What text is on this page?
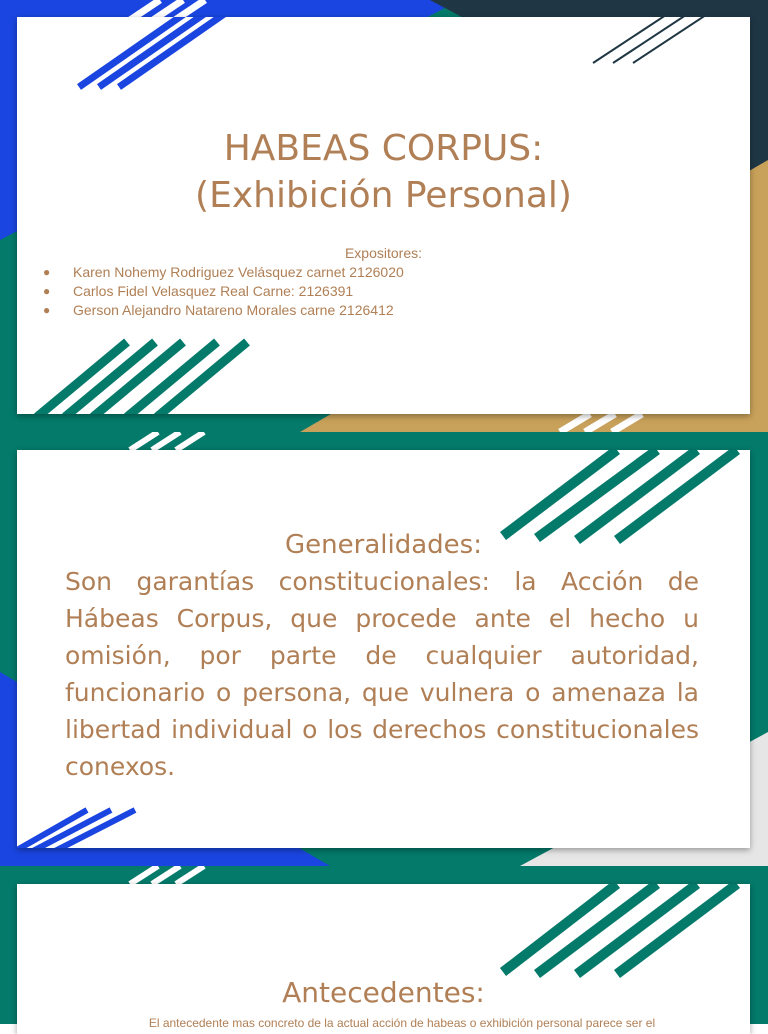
HABEAS CORPUS:
(Exhibición Personal)
Expositores:
● Karen Nohemy Rodriguez Velásquez carnet 2126020
● Carlos Fidel Velasquez Real Carne: 2126391
● Gerson Alejandro Natareno Morales carne 2126412
Generalidades:
Son garantías constitucionales: la Acción de Hábeas Corpus, que procede ante el hecho u omisión, por parte de cualquier autoridad, funcionario o persona, que vulnera o amenaza la libertad individual o los derechos constitucionales conexos.
Antecedentes:
El antecedente mas concreto de la actual acción de habeas o exhibición personal parece ser el
